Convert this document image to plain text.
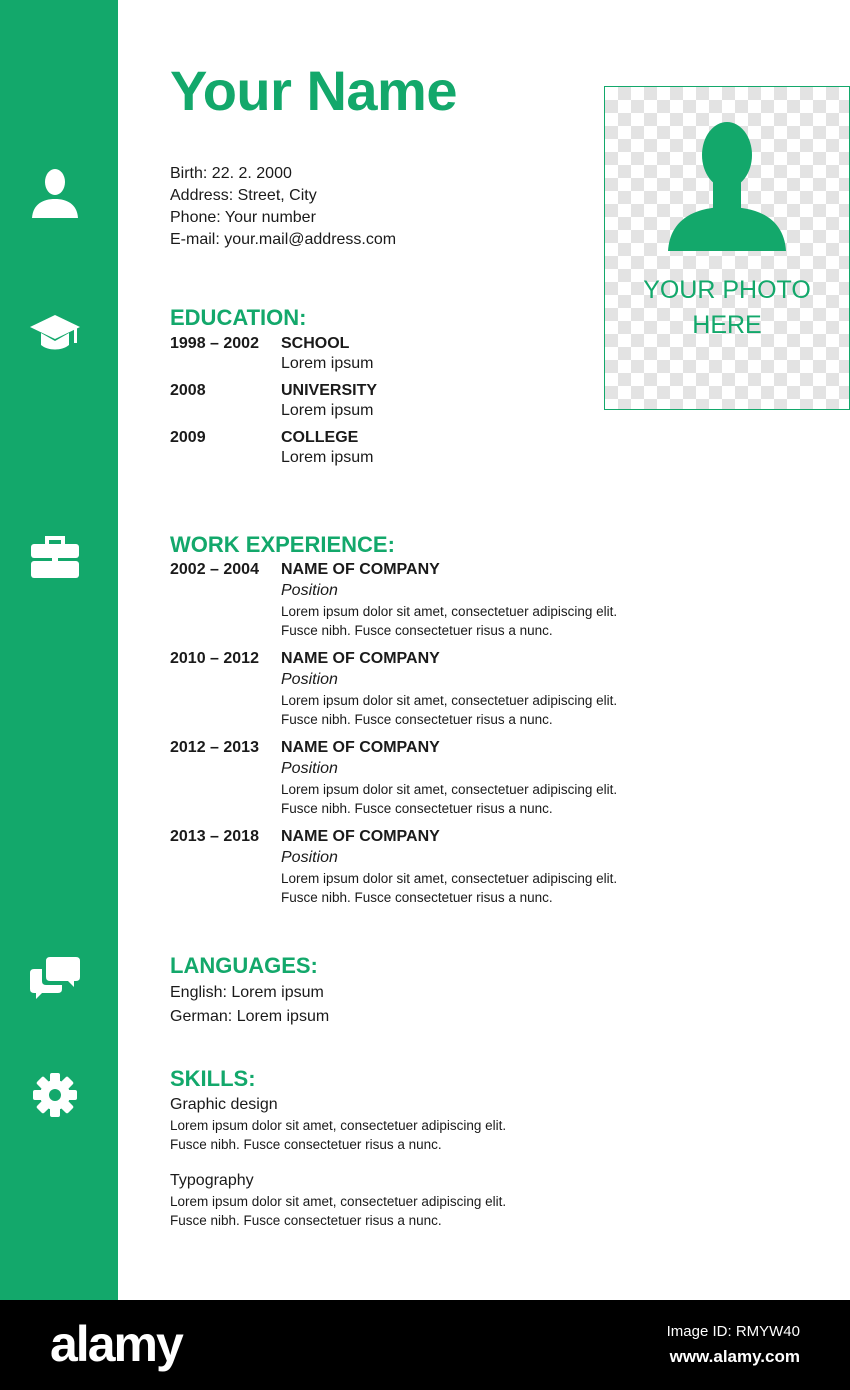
Your Name
Birth: 22. 2. 2000
Address: Street, City
Phone: Your number
E-mail: your.mail@address.com
YOUR PHOTO
HERE
EDUCATION:
1998 – 2002 SCHOOL
Lorem ipsum
2008	UNIVERSITY
Lorem ipsum
2009	COLLEGE
Lorem ipsum
WORK EXPERIENCE:
2002 – 2004 NAME OF COMPANY
Position
Lorem ipsum dolor sit amet, consectetuer adipiscing elit. Fusce nibh. Fusce consectetuer risus a nunc.
2010 – 2012 NAME OF COMPANY
Position
Lorem ipsum dolor sit amet, consectetuer adipiscing elit. Fusce nibh. Fusce consectetuer risus a nunc.
2012 – 2013 NAME OF COMPANY
Position
Lorem ipsum dolor sit amet, consectetuer adipiscing elit. Fusce nibh. Fusce consectetuer risus a nunc.
2013 – 2018 NAME OF COMPANY
Position
Lorem ipsum dolor sit amet, consectetuer adipiscing elit. Fusce nibh. Fusce consectetuer risus a nunc.
LANGUAGES:
English: Lorem ipsum
German: Lorem ipsum
SKILLS:
Graphic design
Lorem ipsum dolor sit amet, consectetuer adipiscing elit. Fusce nibh. Fusce consectetuer risus a nunc.
Typography
Lorem ipsum dolor sit amet, consectetuer adipiscing elit. Fusce nibh. Fusce consectetuer risus a nunc.
alamy	Image ID: RMYW40
www.alamy.com
